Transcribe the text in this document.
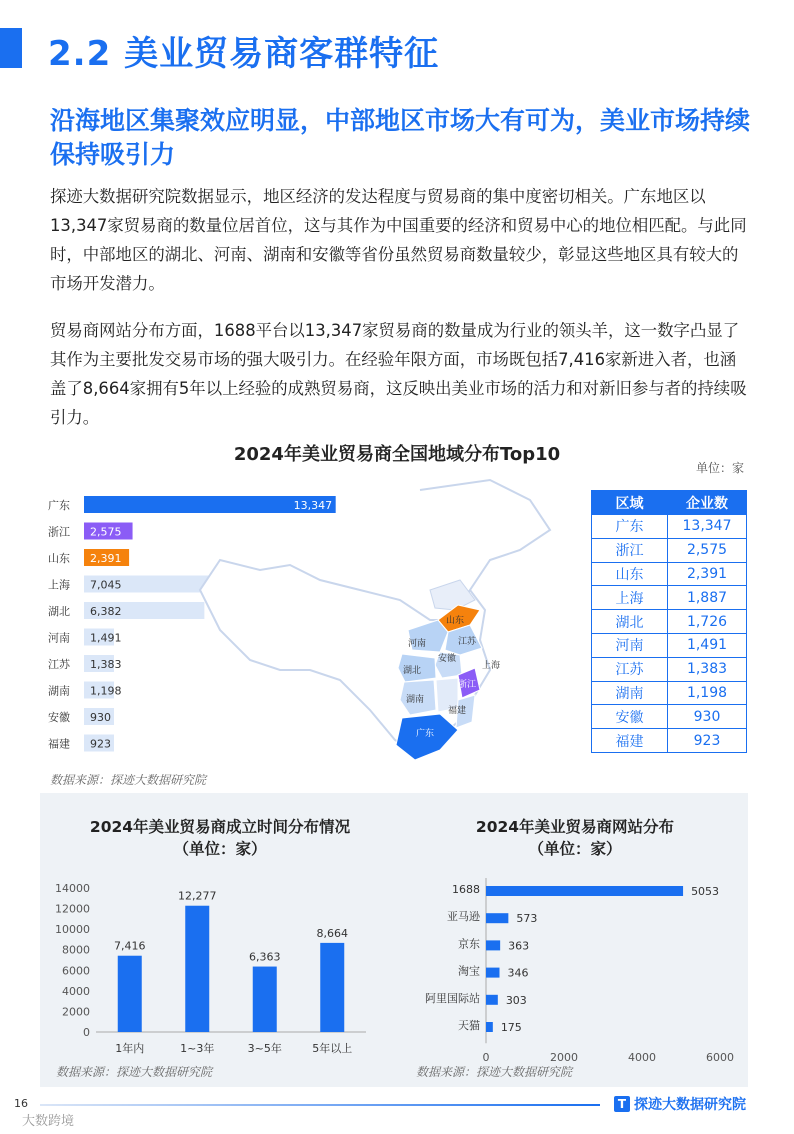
2.2 美业贸易商客群特征
沿海地区集聚效应明显，中部地区市场大有可为，美业市场持续保持吸引力

探迹大数据研究院数据显示，地区经济的发达程度与贸易商的集中度密切相关。广东地区以13,347家贸易商的数量位居首位，这与其作为中国重要的经济和贸易中心的地位相匹配。与此同时，中部地区的湖北、河南、湖南和安徽等省份虽然贸易商数量较少，彰显这些地区具有较大的市场开发潜力。

贸易商网站分布方面，1688平台以13,347家贸易商的数量成为行业的领头羊，这一数字凸显了其作为主要批发交易市场的强大吸引力。在经验年限方面，市场既包括7,416家新进入者，也涵盖了8,664家拥有5年以上经验的成熟贸易商，这反映出美业市场的活力和对新旧参与者的持续吸引力。

2024年美业贸易商全国地域分布Top10
单位：家
广东	13,347
浙江 2,575
山东 2,391
上海 7,045
湖北 6,382
河南 1,491
江苏 1,383
湖南 1,198
安徽 930
福建 923
山东
河南	江苏
安徽
湖北	上海
浙江
湖南
福建
广东
区域	企业数
广东	13,347
浙江	2,575
山东	2,391
上海	1,887
湖北	1,726
河南	1,491
江苏	1,383
湖南	1,198
安徽	930
福建	923
数据来源：探迹大数据研究院
2024年美业贸易商成立时间分布情况
（单位：家）
2024年美业贸易商网站分布
（单位：家）
14000
12000
10000
8000
6000
4000
2000
0
7,416
1年内
12,277
1~3年
6,363
3~5年
8,664
5年以上
1688	5053
亚马逊	573
京东	363
淘宝 346
阿里国际站 303
天猫 175
0	2000	4000	6000
数据来源：探迹大数据研究院	数据来源：探迹大数据研究院
16	T 探迹大数据研究院
大数跨境
